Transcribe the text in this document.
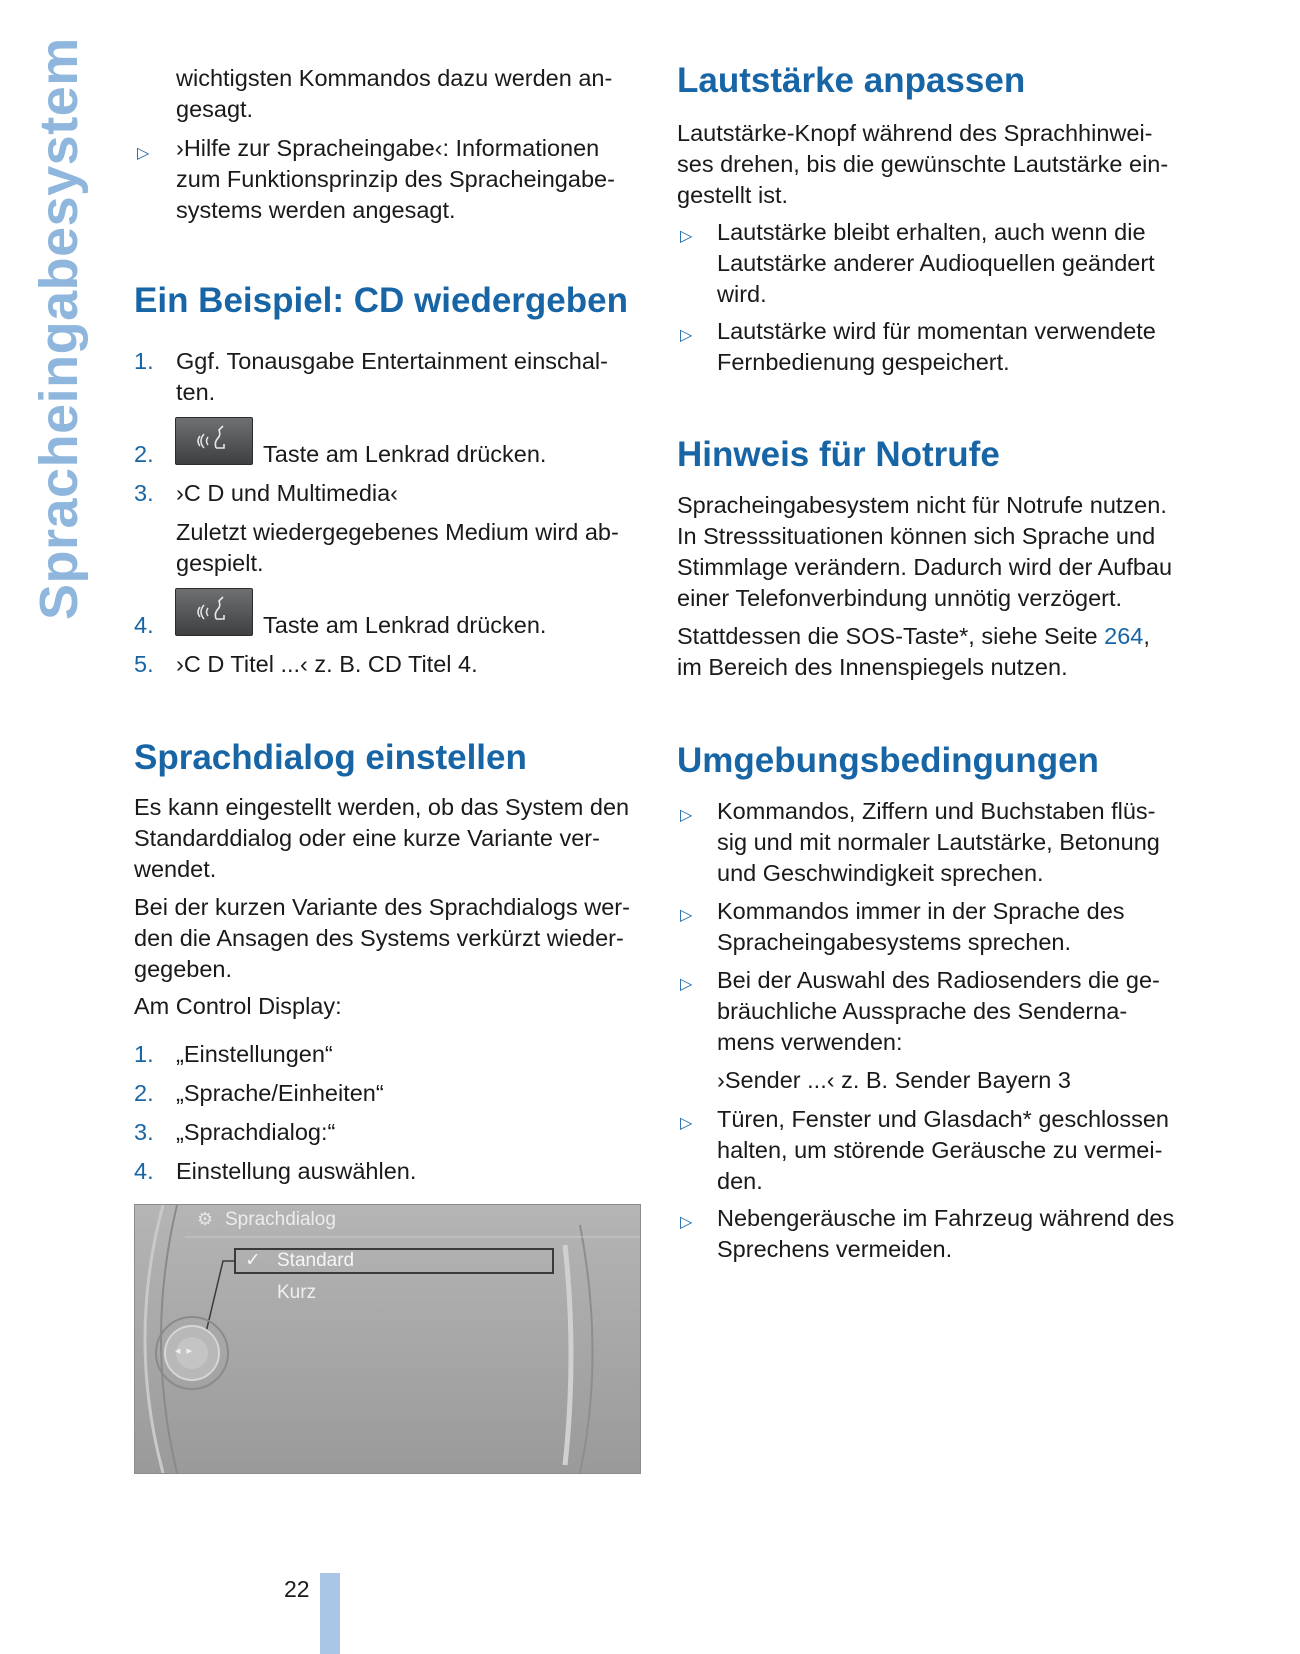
Spracheingabesystem	wichtigsten Kommandos dazu werden an-
gesagt.

▷ ›Hilfe zur Spracheingabe‹: Informationen
zum Funktionsprinzip des Spracheingabe-
systems werden angesagt.

Ein Beispiel: CD wiedergeben
1. Ggf. Tonausgabe Entertainment einschal-
ten.

2.	Taste am Lenkrad drücken.

3. ›C D und Multimedia‹

Zuletzt wiedergegebenes Medium wird ab-
gespielt.

4.	Taste am Lenkrad drücken.

5. ›C D Titel ...‹ z. B. CD Titel 4.

Sprachdialog einstellen

Es kann eingestellt werden, ob das System den
Standarddialog oder eine kurze Variante ver-
wendet.

Bei der kurzen Variante des Sprachdialogs wer-
den die Ansagen des Systems verkürzt wieder-
gegeben.

Am Control Display:

1. „Einstellungen“

2. „Sprache/Einheiten“

3. „Sprachdialog:“

4. Einstellung auswählen.

⚙ Sprachdialog
✓ Standard
Kurz
◂▸
Lautstärke anpassen

Lautstärke-Knopf während des Sprachhinwei-
ses drehen, bis die gewünschte Lautstärke ein-
gestellt ist.

▷ Lautstärke bleibt erhalten, auch wenn die
Lautstärke anderer Audioquellen geändert
wird.

▷ Lautstärke wird für momentan verwendete
Fernbedienung gespeichert.

Hinweis für Notrufe

Spracheingabesystem nicht für Notrufe nutzen.
In Stresssituationen können sich Sprache und
Stimmlage verändern. Dadurch wird der Aufbau
einer Telefonverbindung unnötig verzögert.

Stattdessen die SOS-Taste*, siehe Seite 264,
im Bereich des Innenspiegels nutzen.

Umgebungsbedingungen
▷ Kommandos, Ziffern und Buchstaben flüs-
sig und mit normaler Lautstärke, Betonung
und Geschwindigkeit sprechen.

▷ Kommandos immer in der Sprache des
Spracheingabesystems sprechen.

▷ Bei der Auswahl des Radiosenders die ge-
bräuchliche Aussprache des Senderna-
mens verwenden:

›Sender ...‹ z. B. Sender Bayern 3

▷ Türen, Fenster und Glasdach* geschlossen
halten, um störende Geräusche zu vermei-
den.

▷ Nebengeräusche im Fahrzeug während des
Sprechens vermeiden.

22
